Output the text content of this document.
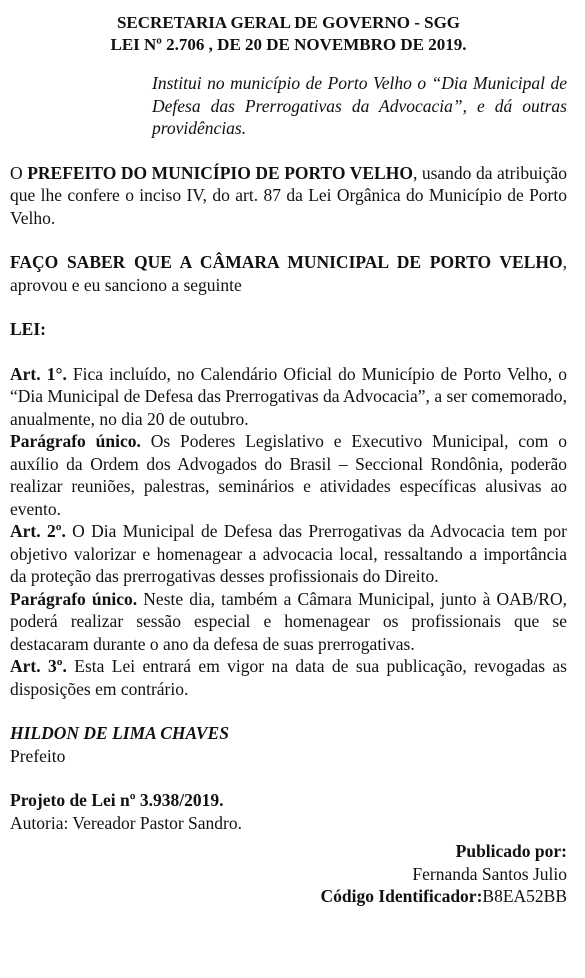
SECRETARIA GERAL DE GOVERNO - SGG
LEI Nº 2.706 , DE 20 DE NOVEMBRO DE 2019.
Institui no município de Porto Velho o “Dia Municipal de Defesa das Prerrogativas da Advocacia”, e dá outras providências.

O PREFEITO DO MUNICÍPIO DE PORTO VELHO, usando da atribuição que lhe confere o inciso IV, do art. 87 da Lei Orgânica do Município de Porto Velho.

FAÇO SABER QUE A CÂMARA MUNICIPAL DE PORTO VELHO, aprovou e eu sanciono a seguinte

LEI:

Art. 1°. Fica incluído, no Calendário Oficial do Município de Porto Velho, o “Dia Municipal de Defesa das Prerrogativas da Advocacia”, a ser comemorado, anualmente, no dia 20 de outubro.

Parágrafo único. Os Poderes Legislativo e Executivo Municipal, com o auxílio da Ordem dos Advogados do Brasil – Seccional Rondônia, poderão realizar reuniões, palestras, seminários e atividades específicas alusivas ao evento.

Art. 2º. O Dia Municipal de Defesa das Prerrogativas da Advocacia tem por objetivo valorizar e homenagear a advocacia local, ressaltando a importância da proteção das prerrogativas desses profissionais do Direito.

Parágrafo único. Neste dia, também a Câmara Municipal, junto à OAB/RO, poderá realizar sessão especial e homenagear os profissionais que se destacaram durante o ano da defesa de suas prerrogativas.

Art. 3º. Esta Lei entrará em vigor na data de sua publicação, revogadas as disposições em contrário.

HILDON DE LIMA CHAVES
Prefeito
Projeto de Lei nº 3.938/2019.
Autoria: Vereador Pastor Sandro.
Publicado por:
Fernanda Santos Julio
Código Identificador:B8EA52BB
